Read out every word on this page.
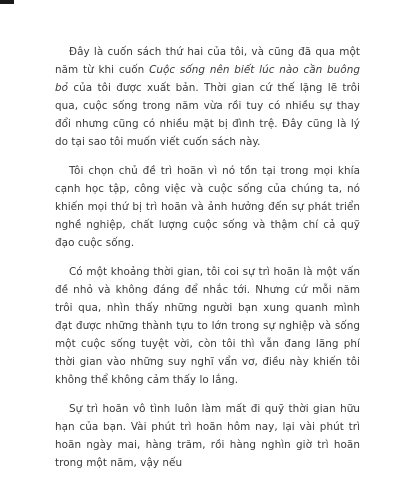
Đây là cuốn sách thứ hai của tôi, và cũng đã qua một năm từ khi cuốn Cuộc sống nên biết lúc nào cần buông bỏ của tôi được xuất bản. Thời gian cứ thế lặng lẽ trôi qua, cuộc sống trong năm vừa rồi tuy có nhiều sự thay đổi nhưng cũng có nhiều mặt bị đình trệ. Đây cũng là lý do tại sao tôi muốn viết cuốn sách này.

Tôi chọn chủ đề trì hoãn vì nó tồn tại trong mọi khía cạnh học tập, công việc và cuộc sống của chúng ta, nó khiến mọi thứ bị trì hoãn và ảnh hưởng đến sự phát triển nghề nghiệp, chất lượng cuộc sống và thậm chí cả quỹ đạo cuộc sống.

Có một khoảng thời gian, tôi coi sự trì hoãn là một vấn đề nhỏ và không đáng để nhắc tới. Nhưng cứ mỗi năm trôi qua, nhìn thấy những người bạn xung quanh mình đạt được những thành tựu to lớn trong sự nghiệp và sống một cuộc sống tuyệt vời, còn tôi thì vẫn đang lãng phí thời gian vào những suy nghĩ vẩn vơ, điều này khiến tôi không thể không cảm thấy lo lắng.

Sự trì hoãn vô tình luôn làm mất đi quỹ thời gian hữu hạn của bạn. Vài phút trì hoãn hôm nay, lại vài phút trì hoãn ngày mai, hàng trăm, rồi hàng nghìn giờ trì hoãn trong một năm, vậy nếu
